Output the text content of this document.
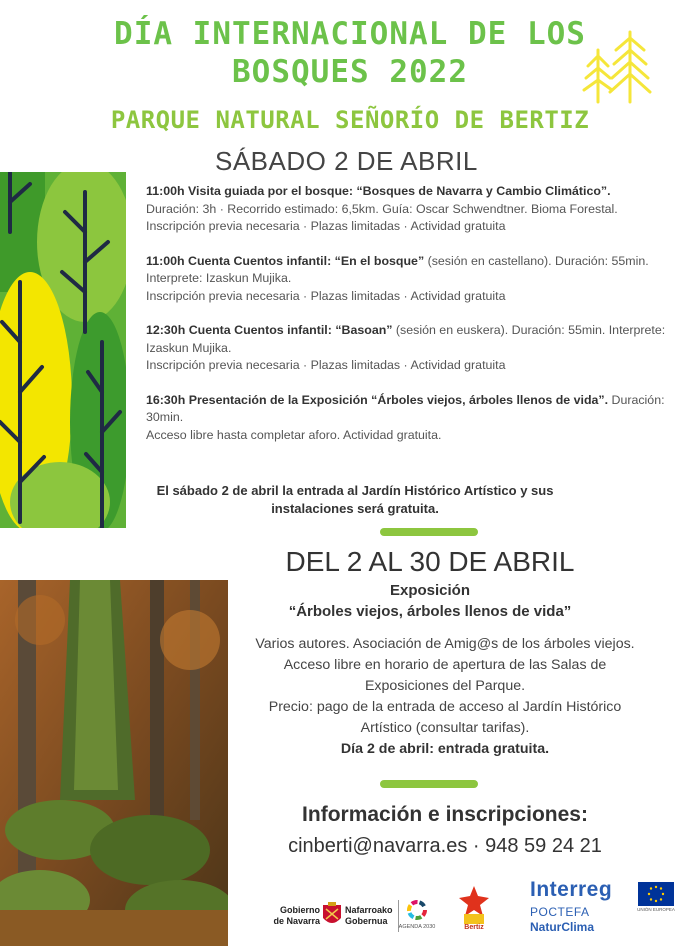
DÍA INTERNACIONAL DE LOS
BOSQUES 2022
PARQUE NATURAL SEÑORÍO DE BERTIZ
SÁBADO 2 DE ABRIL

11:00h Visita guiada por el bosque: “Bosques de Navarra y Cambio Climático”. Duración: 3h · Recorrido estimado: 6,5km. Guía: Oscar Schwendtner. Bioma Forestal.
Inscripción previa necesaria · Plazas limitadas · Actividad gratuita

11:00h Cuenta Cuentos infantil: “En el bosque” (sesión en castellano). Duración: 55min. Interprete: Izaskun Mujika.
Inscripción previa necesaria · Plazas limitadas · Actividad gratuita

12:30h Cuenta Cuentos infantil: “Basoan” (sesión en euskera). Duración: 55min. Interprete: Izaskun Mujika.
Inscripción previa necesaria · Plazas limitadas · Actividad gratuita

16:30h Presentación de la Exposición “Árboles viejos, árboles llenos de vida”. Duración: 30min.
Acceso libre hasta completar aforo. Actividad gratuita.

El sábado 2 de abril la entrada al Jardín Histórico Artístico y sus
instalaciones será gratuita.
DEL 2 AL 30 DE ABRIL
Exposición
“Árboles viejos, árboles llenos de vida”
Varios autores. Asociación de Amig@s de los árboles viejos.
Acceso libre en horario de apertura de las Salas de
Exposiciones del Parque.
Precio: pago de la entrada de acceso al Jardín Histórico
Artístico (consultar tarifas).
Día 2 de abril: entrada gratuita.
Información e inscripciones:
cinberti@navarra.es · 948 59 24 21
Gobierno
de Navarra
Nafarroako
Gobernua
AGENDA 2030	Bertiz
Interreg
UNIÓN EUROPEA
POCTEFA
NaturClima
